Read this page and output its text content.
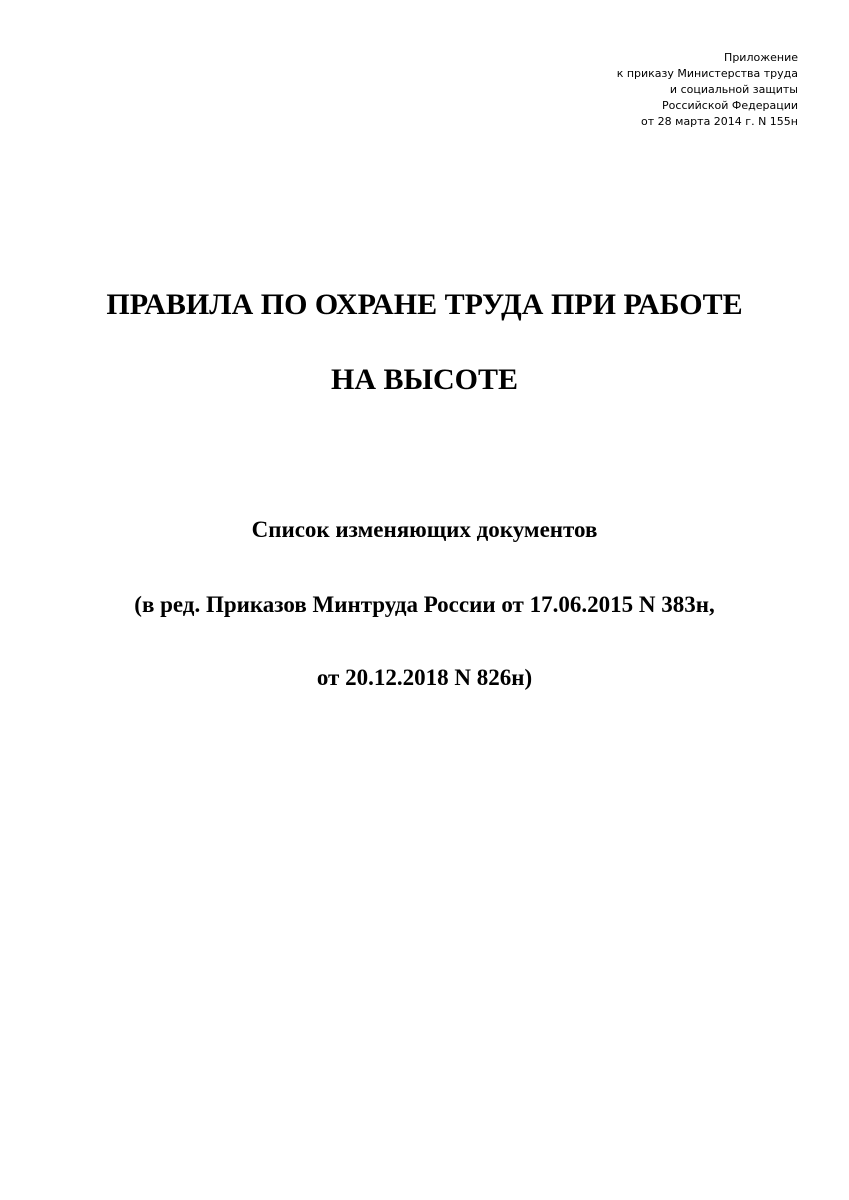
Приложение
к приказу Министерства труда
и социальной защиты
Российской Федерации
от 28 марта 2014 г. N 155н
ПРАВИЛА ПО ОХРАНЕ ТРУДА ПРИ РАБОТЕ
НА ВЫСОТЕ
Список изменяющих документов
(в ред. Приказов Минтруда России от 17.06.2015 N 383н,
от 20.12.2018 N 826н)
